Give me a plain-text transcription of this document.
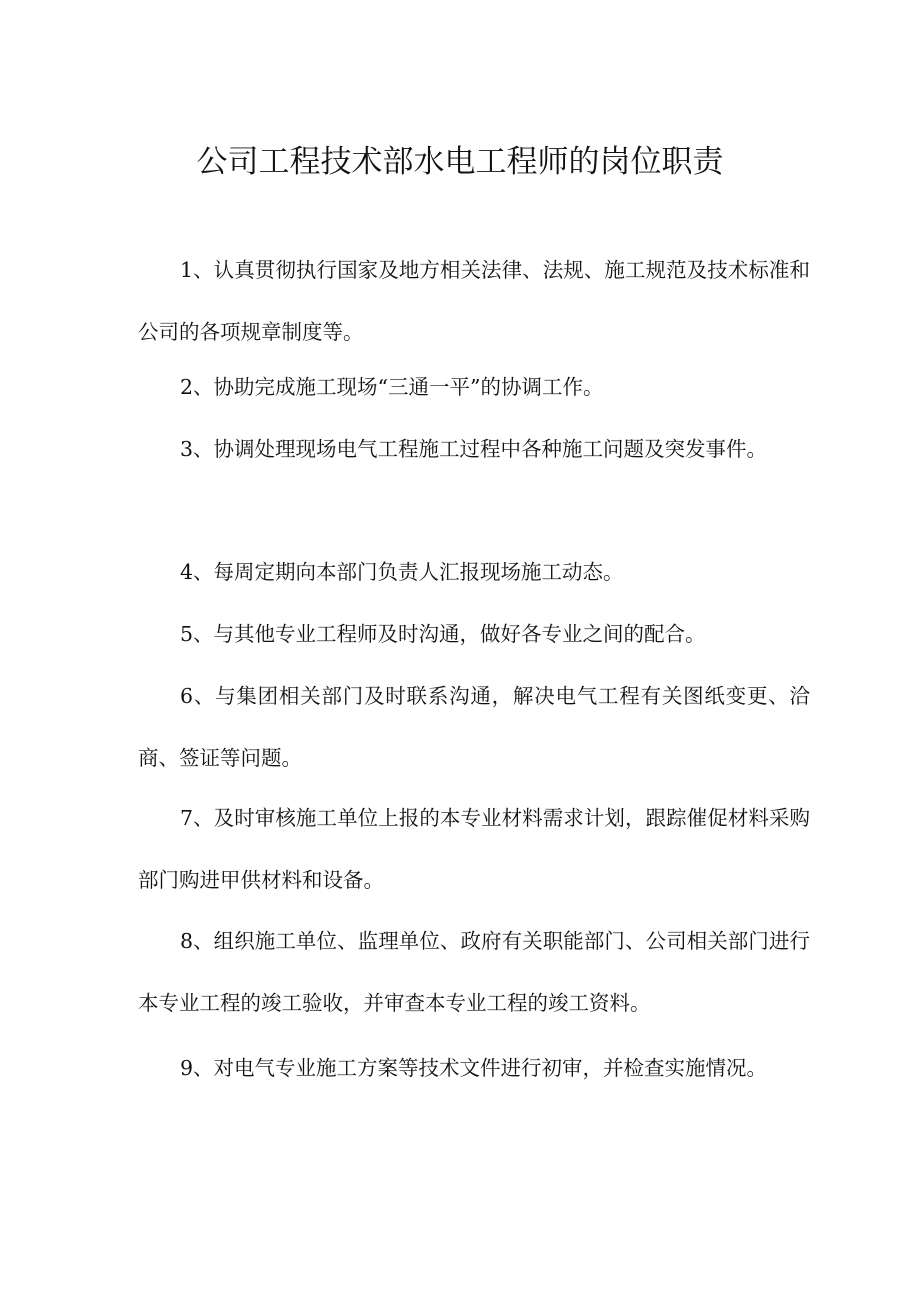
公司工程技术部水电工程师的岗位职责

1、认真贯彻执行国家及地方相关法律、法规、施工规范及技术标准和公司的各项规章制度等。

2、协助完成施工现场“三通一平”的协调工作。

3、协调处理现场电气工程施工过程中各种施工问题及突发事件。

4、每周定期向本部门负责人汇报现场施工动态。

5、与其他专业工程师及时沟通，做好各专业之间的配合。

6、与集团相关部门及时联系沟通，解决电气工程有关图纸变更、洽商、签证等问题。

7、及时审核施工单位上报的本专业材料需求计划，跟踪催促材料采购部门购进甲供材料和设备。

8、组织施工单位、监理单位、政府有关职能部门、公司相关部门进行本专业工程的竣工验收，并审查本专业工程的竣工资料。

9、对电气专业施工方案等技术文件进行初审，并检查实施情况。
